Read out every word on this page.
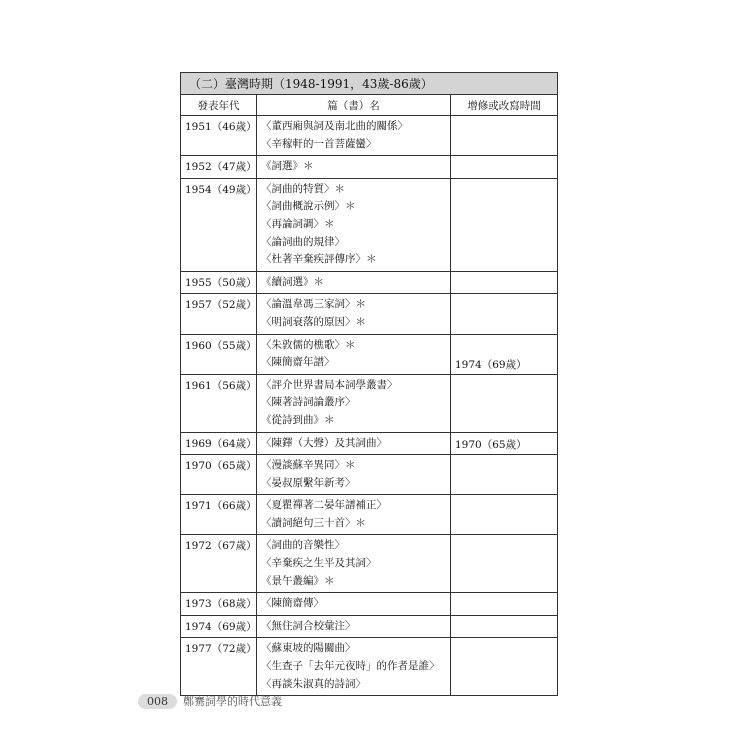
（二）臺灣時期（1948-1991，43歲-86歲）		
發表年代	篇（書）名	增修或改寫時間
1951（46歲）	〈董西廂與詞及南北曲的關係〉
〈辛稼軒的一首菩薩蠻〉	

1952（47歲）	《詞選》＊	

1954（49歲）	〈詞曲的特質〉＊
〈詞曲概說示例〉＊
〈再論詞調〉＊
〈論詞曲的規律〉
〈杜著辛棄疾評傳序〉＊	

1955（50歲）	《續詞選》＊	

1957（52歲）	〈論溫韋馮三家詞〉＊
〈明詞衰落的原因〉＊	

1960（55歲）	〈朱敦儒的樵歌〉＊
〈陳簡齋年譜〉	1974（69歲）
1961（56歲）	〈評介世界書局本詞學叢書〉
〈陳著詩詞論叢序〉
《從詩到曲》＊	

1969（64歲）	〈陳鐸（大聲）及其詞曲〉	1970（65歲）
1970（65歲）	〈漫談蘇辛異同〉＊
〈晏叔原繫年新考〉	

1971（66歲）	〈夏瞿禪著二晏年譜補正〉
〈讀詞絕句三十首〉＊	

1972（67歲）	〈詞曲的音樂性〉
〈辛棄疾之生平及其詞〉
《景午叢編》＊	

1973（68歲）	〈陳簡齋傳〉	

1974（69歲）	〈無住詞合校彙注〉	

1977（72歲）	〈蘇東坡的陽關曲〉
〈生查子「去年元夜時」的作者是誰〉
〈再談朱淑真的詩詞〉	

008	鄭騫詞學的時代意義
